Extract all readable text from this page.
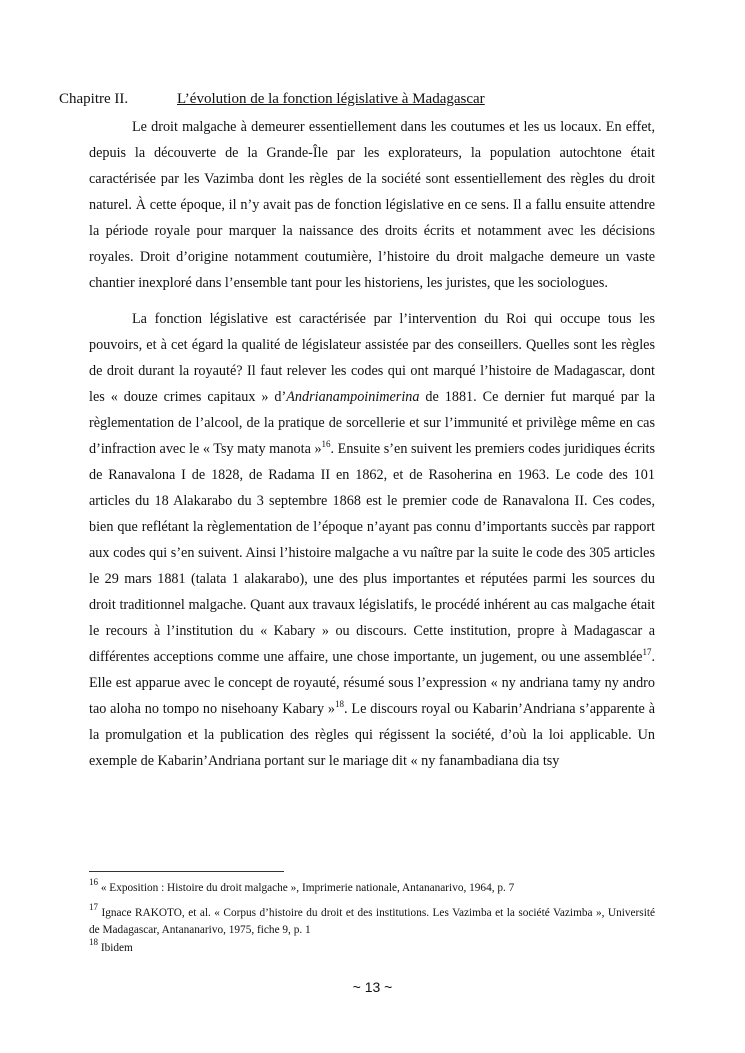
Chapitre II.	L’évolution de la fonction législative à Madagascar

Le droit malgache à demeurer essentiellement dans les coutumes et les us locaux. En effet, depuis la découverte de la Grande-Île par les explorateurs, la population autochtone était caractérisée par les Vazimba dont les règles de la société sont essentiellement des règles du droit naturel. À cette époque, il n’y avait pas de fonction législative en ce sens. Il a fallu ensuite attendre la période royale pour marquer la naissance des droits écrits et notamment avec les décisions royales. Droit d’origine notamment coutumière, l’histoire du droit malgache demeure un vaste chantier inexploré dans l’ensemble tant pour les historiens, les juristes, que les sociologues.

La fonction législative est caractérisée par l’intervention du Roi qui occupe tous les pouvoirs, et à cet égard la qualité de législateur assistée par des conseillers. Quelles sont les règles de droit durant la royauté? Il faut relever les codes qui ont marqué l’histoire de Madagascar, dont les « douze crimes capitaux » d’Andrianampoinimerina de 1881. Ce dernier fut marqué par la règlementation de l’alcool, de la pratique de sorcellerie et sur l’immunité et privilège même en cas d’infraction avec le « Tsy maty manota »$^{16}$. Ensuite s’en suivent les premiers codes juridiques écrits de Ranavalona I de 1828, de Radama II en 1862, et de Rasoherina en 1963. Le code des 101 articles du 18 Alakarabo du 3 septembre 1868 est le premier code de Ranavalona II. Ces codes, bien que reflétant la règlementation de l’époque n’ayant pas connu d’importants succès par rapport aux codes qui s’en suivent. Ainsi l’histoire malgache a vu naître par la suite le code des 305 articles le 29 mars 1881 (talata 1 alakarabo), une des plus importantes et réputées parmi les sources du droit traditionnel malgache. Quant aux travaux législatifs, le procédé inhérent au cas malgache était le recours à l’institution du « Kabary » ou discours. Cette institution, propre à Madagascar a différentes acceptions comme une affaire, une chose importante, un jugement, ou une assemblée$^{17}$. Elle est apparue avec le concept de royauté, résumé sous l’expression « ny andriana tamy ny andro tao aloha no tompo no nisehoany Kabary »$^{18}$. Le discours royal ou Kabarin’Andriana s’apparente à la promulgation et la publication des règles qui régissent la société, d’où la loi applicable. Un exemple de Kabarin’Andriana portant sur le mariage dit « ny fanambadiana dia tsy

$^{16}$ « Exposition : Histoire du droit malgache », Imprimerie nationale, Antananarivo, 1964, p. 7

$^{17}$ Ignace RAKOTO, et al. « Corpus d’histoire du droit et des institutions. Les Vazimba et la société Vazimba », Université de Madagascar, Antananarivo, 1975, fiche 9, p. 1

$^{18}$ Ibidem

~ 13 ~
